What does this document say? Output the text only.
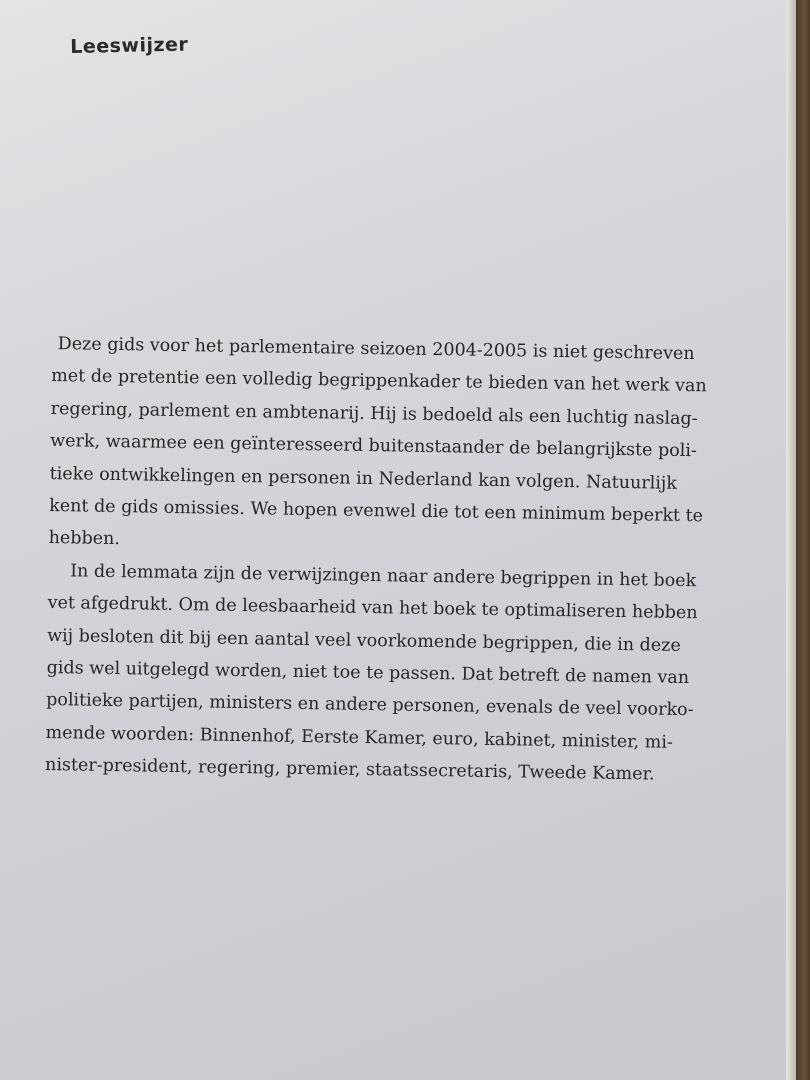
Leeswijzer

Deze gids voor het parlementaire seizoen 2004-2005 is niet geschreven
met de pretentie een volledig begrippenkader te bieden van het werk van
regering, parlement en ambtenarij. Hij is bedoeld als een luchtig naslag-
werk, waarmee een geïnteresseerd buitenstaander de belangrijkste poli-
tieke ontwikkelingen en personen in Nederland kan volgen. Natuurlijk
kent de gids omissies. We hopen evenwel die tot een minimum beperkt te
hebben.

In de lemmata zijn de verwijzingen naar andere begrippen in het boek
vet afgedrukt. Om de leesbaarheid van het boek te optimaliseren hebben
wij besloten dit bij een aantal veel voorkomende begrippen, die in deze
gids wel uitgelegd worden, niet toe te passen. Dat betreft de namen van
politieke partijen, ministers en andere personen, evenals de veel voorko-
mende woorden: Binnenhof, Eerste Kamer, euro, kabinet, minister, mi-
nister-president, regering, premier, staatssecretaris, Tweede Kamer.
